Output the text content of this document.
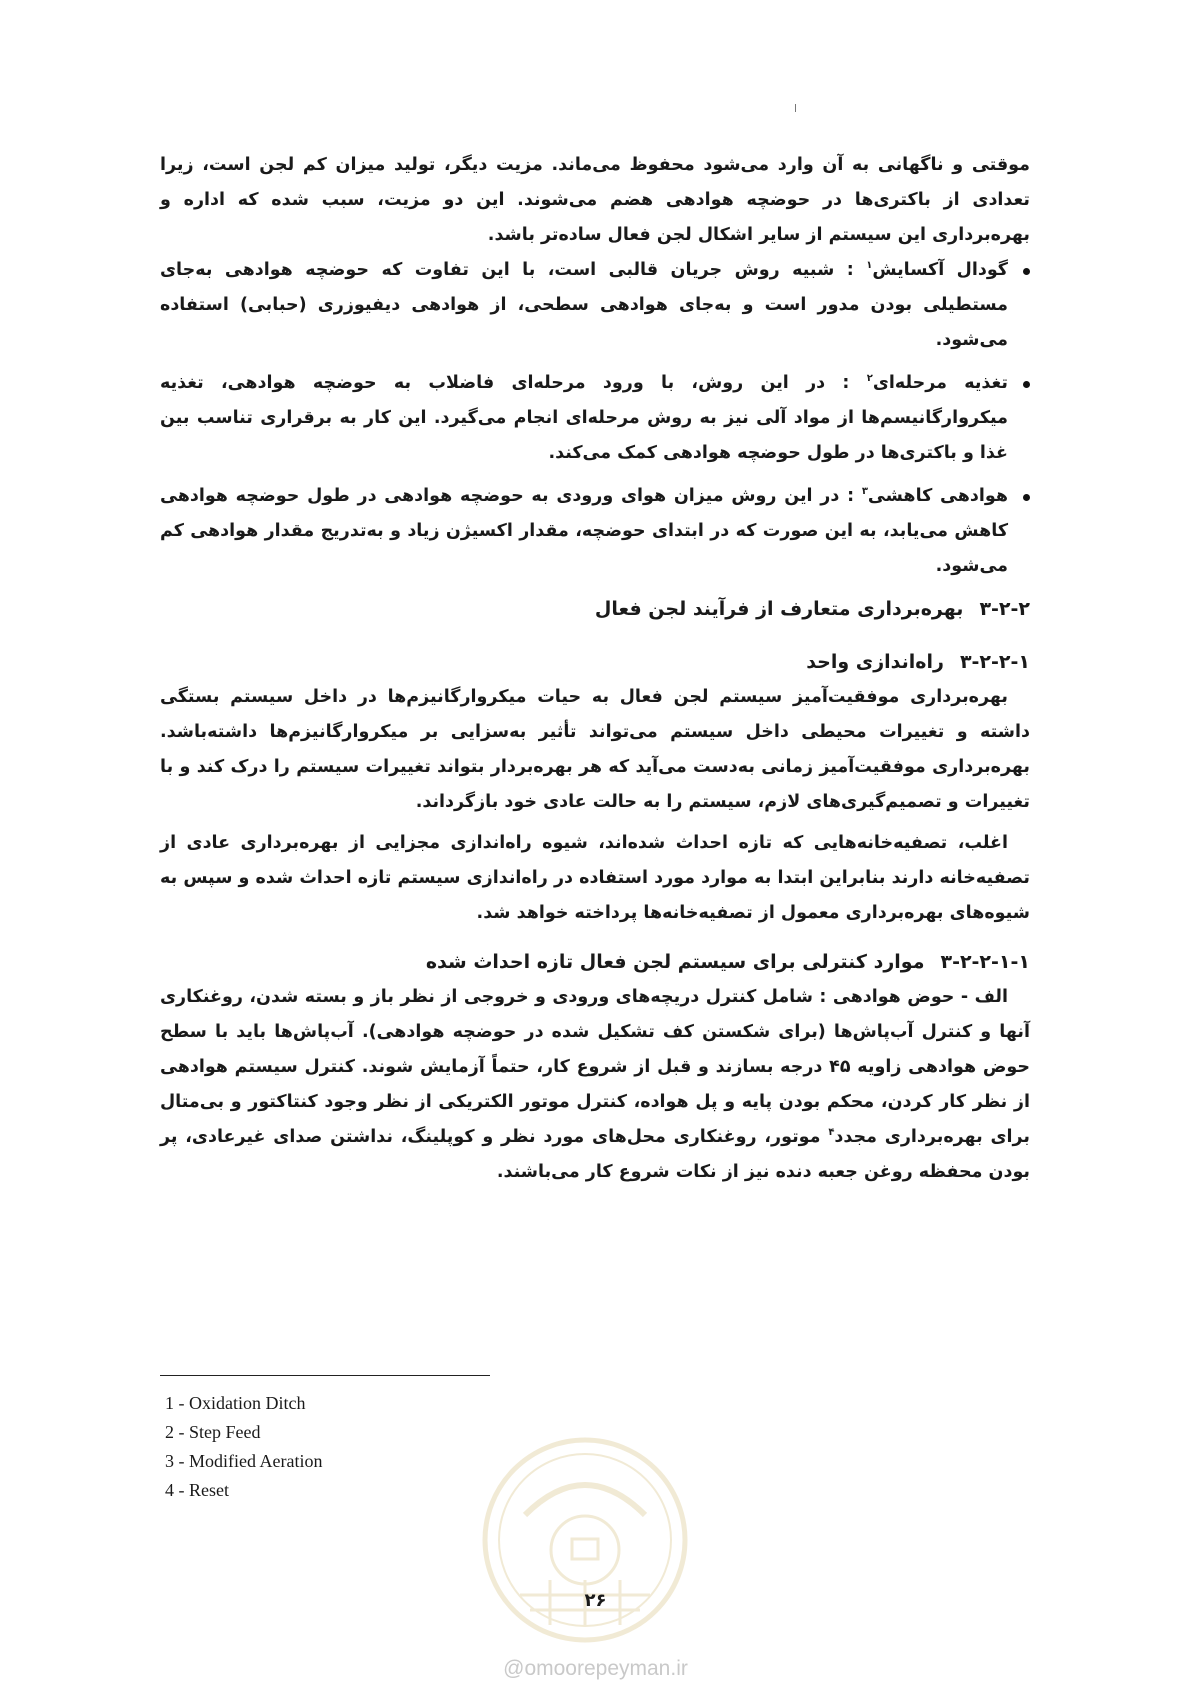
موقتی و ناگهانی به آن وارد می‌شود محفوظ می‌ماند. مزیت دیگر، تولید میزان کم لجن است، زیرا تعدادی از باکتری‌ها در حوضچه هوادهی هضم می‌شوند. این دو مزیت، سبب شده که اداره و بهره‌برداری این سیستم از سایر اشکال لجن فعال ساده‌تر باشد.

گودال آکسایش$^۱$ : شبیه روش جریان قالبی است، با این تفاوت که حوضچه هوادهی به‌جای مستطیلی بودن مدور است و به‌جای هوادهی سطحی، از هوادهی دیفیوزری (حبابی) استفاده می‌شود.
تغذیه مرحله‌ای$^۲$ : در این روش، با ورود مرحله‌ای فاضلاب به حوضچه هوادهی، تغذیه میکروارگانیسم‌ها از مواد آلی نیز به روش مرحله‌ای انجام می‌گیرد. این کار به برقراری تناسب بین غذا و باکتری‌ها در طول حوضچه هوادهی کمک می‌کند.
هوادهی کاهشی$^۳$ : در این روش میزان هوای ورودی به حوضچه هوادهی در طول حوضچه هوادهی کاهش می‌یابد، به این صورت که در ابتدای حوضچه، مقدار اکسیژن زیاد و به‌تدریج مقدار هوادهی کم می‌شود.
۳-۲-۲
بهره‌برداری متعارف از فرآیند لجن فعال
۳-۲-۲-۱
راه‌اندازی واحد

بهره‌برداری موفقیت‌آمیز سیستم لجن فعال به حیات میکروارگانیزم‌ها در داخل سیستم بستگی داشته و تغییرات محیطی داخل سیستم می‌تواند تأثیر به‌سزایی بر میکروارگانیزم‌ها داشته‌باشد. بهره‌برداری موفقیت‌آمیز زمانی به‌دست می‌آید که هر بهره‌بردار بتواند تغییرات سیستم را درک کند و با تغییرات و تصمیم‌گیری‌های لازم، سیستم را به حالت عادی خود بازگرداند.

اغلب، تصفیه‌خانه‌هایی که تازه احداث شده‌اند، شیوه راه‌اندازی مجزایی از بهره‌برداری عادی از تصفیه‌خانه دارند بنابراین ابتدا به موارد مورد استفاده در راه‌اندازی سیستم تازه احداث شده و سپس به شیوه‌های بهره‌برداری معمول از تصفیه‌خانه‌ها پرداخته خواهد شد.

۳-۲-۲-۱-۱
موارد کنترلی برای سیستم لجن فعال تازه احداث شده

الف - حوض هوادهی : شامل کنترل دریچه‌های ورودی و خروجی از نظر باز و بسته شدن، روغنکاری آنها و کنترل آب‌پاش‌ها (برای شکستن کف تشکیل شده در حوضچه هوادهی). آب‌پاش‌ها باید با سطح حوض هوادهی زاویه ۴۵ درجه بسازند و قبل از شروع کار، حتماً آزمایش شوند. کنترل سیستم هوادهی از نظر کار کردن، محکم بودن پایه و پل هواده، کنترل موتور الکتریکی از نظر وجود کنتاکتور و بی‌متال برای بهره‌برداری مجدد$^۴$ موتور، روغنکاری محل‌های مورد نظر و کوپلینگ، نداشتن صدای غیرعادی، پر بودن محفظه روغن جعبه دنده نیز از نکات شروع کار می‌باشند.

1 - Oxidation Ditch

2 - Step Feed

3 - Modified Aeration

4 - Reset

۲۶
@omoorepeyman.ir
